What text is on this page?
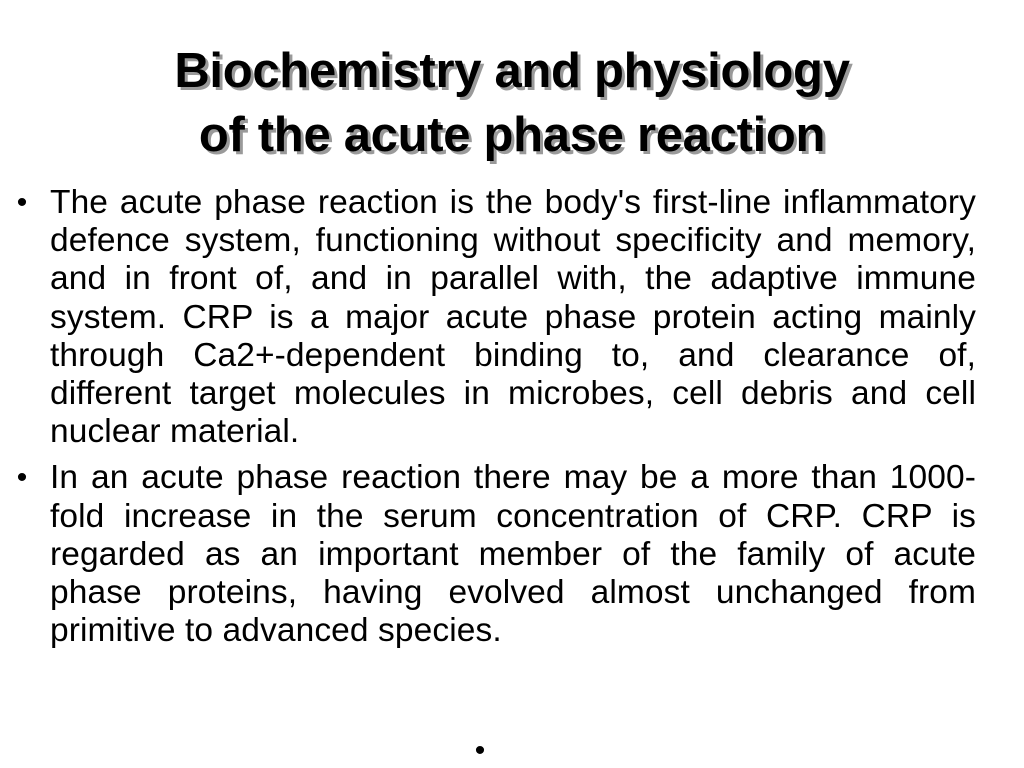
Biochemistry and physiology
of the acute phase reaction
• The acute phase reaction is the body's first-line inflammatory defence system, functioning without specificity and memory, and in front of, and in parallel with, the adaptive immune system. CRP is a major acute phase protein acting mainly through Ca2+-dependent binding to, and clearance of, different target molecules in microbes, cell debris and cell nuclear material.
• In an acute phase reaction there may be a more than 1000-fold increase in the serum concentration of CRP. CRP is regarded as an important member of the family of acute phase proteins, having evolved almost unchanged from primitive to advanced species.
•
